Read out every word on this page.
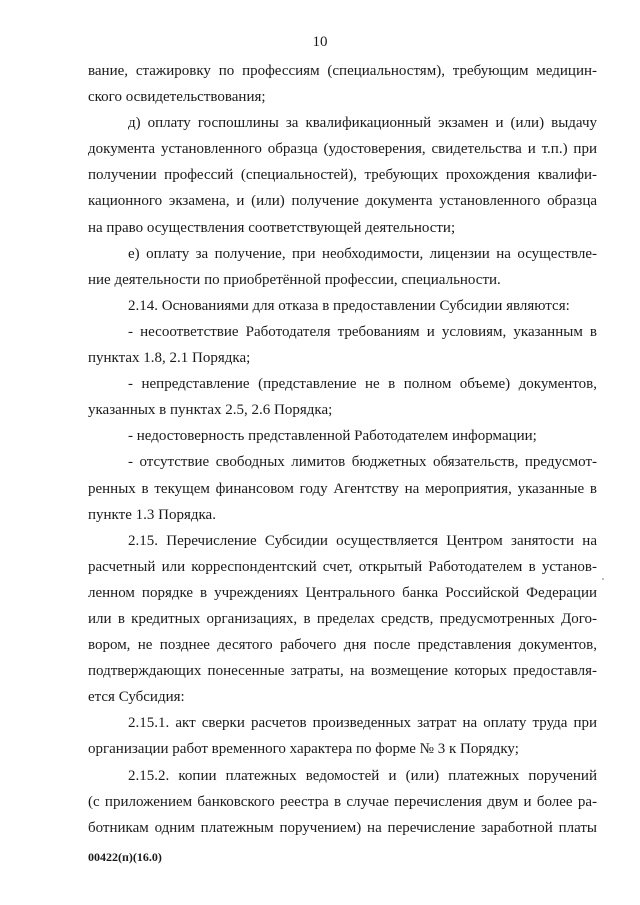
10

вание, стажировку по профессиям (специальностям), требующим медицин-

ского освидетельствования;

д) оплату госпошлины за квалификационный экзамен и (или) выдачу

документа установленного образца (удостоверения, свидетельства и т.п.) при

получении профессий (специальностей), требующих прохождения квалифи-

кационного экзамена, и (или) получение документа установленного образца

на право осуществления соответствующей деятельности;

е) оплату за получение, при необходимости, лицензии на осуществле-

ние деятельности по приобретённой профессии, специальности.

2.14. Основаниями для отказа в предоставлении Субсидии являются:

- несоответствие Работодателя требованиям и условиям, указанным в

пунктах 1.8, 2.1 Порядка;

- непредставление (представление не в полном объеме) документов,

указанных в пунктах 2.5, 2.6 Порядка;

- недостоверность представленной Работодателем информации;

- отсутствие свободных лимитов бюджетных обязательств, предусмот-

ренных в текущем финансовом году Агентству на мероприятия, указанные в

пункте 1.3 Порядка.

2.15. Перечисление Субсидии осуществляется Центром занятости на

расчетный или корреспондентский счет, открытый Работодателем в установ-

ленном порядке в учреждениях Центрального банка Российской Федерации

или в кредитных организациях, в пределах средств, предусмотренных Дого-

вором, не позднее десятого рабочего дня после представления документов,

подтверждающих понесенные затраты, на возмещение которых предоставля-

ется Субсидия:

2.15.1. акт сверки расчетов произведенных затрат на оплату труда при

организации работ временного характера по форме № 3 к Порядку;

2.15.2. копии платежных ведомостей и (или) платежных поручений

(с приложением банковского реестра в случае перечисления двум и более ра-

ботникам одним платежным поручением) на перечисление заработной платы

00422(п)(16.0)
